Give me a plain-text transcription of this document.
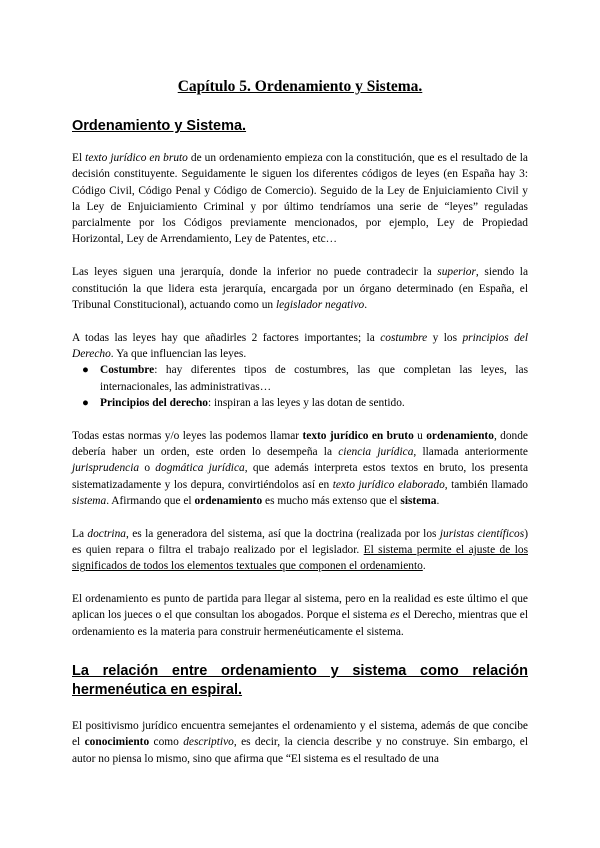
Capítulo 5. Ordenamiento y Sistema.
Ordenamiento y Sistema.

El texto jurídico en bruto de un ordenamiento empieza con la constitución, que es el resultado de la decisión constituyente. Seguidamente le siguen los diferentes códigos de leyes (en España hay 3: Código Civil, Código Penal y Código de Comercio). Seguido de la Ley de Enjuiciamiento Civil y la Ley de Enjuiciamiento Criminal y por último tendríamos una serie de “leyes” reguladas parcialmente por los Códigos previamente mencionados, por ejemplo, Ley de Propiedad Horizontal, Ley de Arrendamiento, Ley de Patentes, etc…

Las leyes siguen una jerarquía, donde la inferior no puede contradecir la superior, siendo la constitución la que lidera esta jerarquía, encargada por un órgano determinado (en España, el Tribunal Constitucional), actuando como un legislador negativo.

A todas las leyes hay que añadirles 2 factores importantes; la costumbre y los principios del Derecho. Ya que influencian las leyes.

● Costumbre: hay diferentes tipos de costumbres, las que completan las leyes, las internacionales, las administrativas…
● Principios del derecho: inspiran a las leyes y las dotan de sentido.

Todas estas normas y/o leyes las podemos llamar texto jurídico en bruto u ordenamiento, donde debería haber un orden, este orden lo desempeña la ciencia jurídica, llamada anteriormente jurisprudencia o dogmática jurídica, que además interpreta estos textos en bruto, los presenta sistematizadamente y los depura, convirtiéndolos así en texto jurídico elaborado, también llamado sistema. Afirmando que el ordenamiento es mucho más extenso que el sistema.

La doctrina, es la generadora del sistema, así que la doctrina (realizada por los juristas científicos) es quien repara o filtra el trabajo realizado por el legislador. El sistema permite el ajuste de los significados de todos los elementos textuales que componen el ordenamiento.

El ordenamiento es punto de partida para llegar al sistema, pero en la realidad es este último el que aplican los jueces o el que consultan los abogados. Porque el sistema es el Derecho, mientras que el ordenamiento es la materia para construir hermenéuticamente el sistema.

La relación entre ordenamiento y sistema como relación hermenéutica en espiral.

El positivismo jurídico encuentra semejantes el ordenamiento y el sistema, además de que concibe el conocimiento como descriptivo, es decir, la ciencia describe y no construye. Sin embargo, el autor no piensa lo mismo, sino que afirma que “El sistema es el resultado de una
